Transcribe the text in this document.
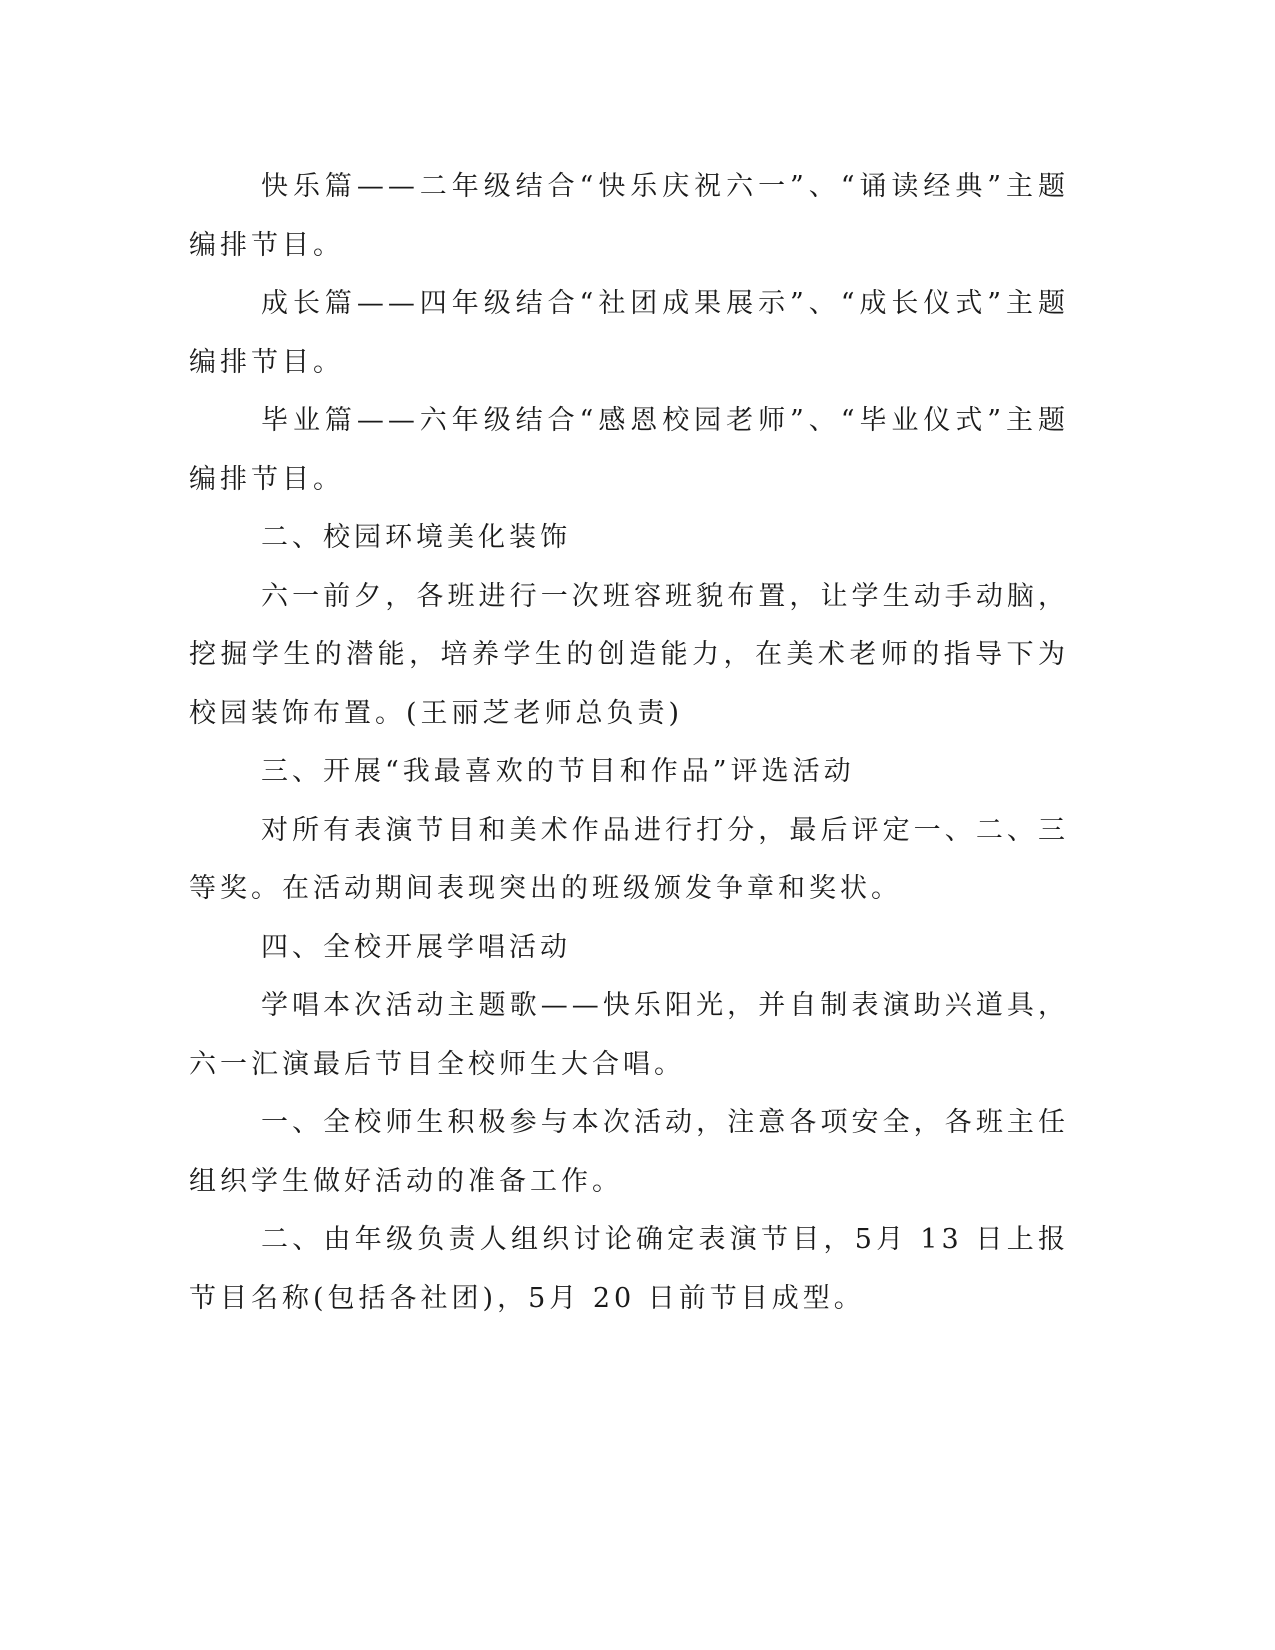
快乐篇——二年级结合“快乐庆祝六一”、“诵读经典”主题编排节目。

成长篇——四年级结合“社团成果展示”、“成长仪式”主题编排节目。

毕业篇——六年级结合“感恩校园老师”、“毕业仪式”主题编排节目。

二、校园环境美化装饰

六一前夕，各班进行一次班容班貌布置，让学生动手动脑，挖掘学生的潜能，培养学生的创造能力，在美术老师的指导下为校园装饰布置。(王丽芝老师总负责)

三、开展“我最喜欢的节目和作品”评选活动

对所有表演节目和美术作品进行打分，最后评定一、二、三等奖。在活动期间表现突出的班级颁发争章和奖状。

四、全校开展学唱活动

学唱本次活动主题歌——快乐阳光，并自制表演助兴道具，六一汇演最后节目全校师生大合唱。

一、全校师生积极参与本次活动，注意各项安全，各班主任组织学生做好活动的准备工作。

二、由年级负责人组织讨论确定表演节目，5月 13 日上报节目名称(包括各社团)，5月 20 日前节目成型。
